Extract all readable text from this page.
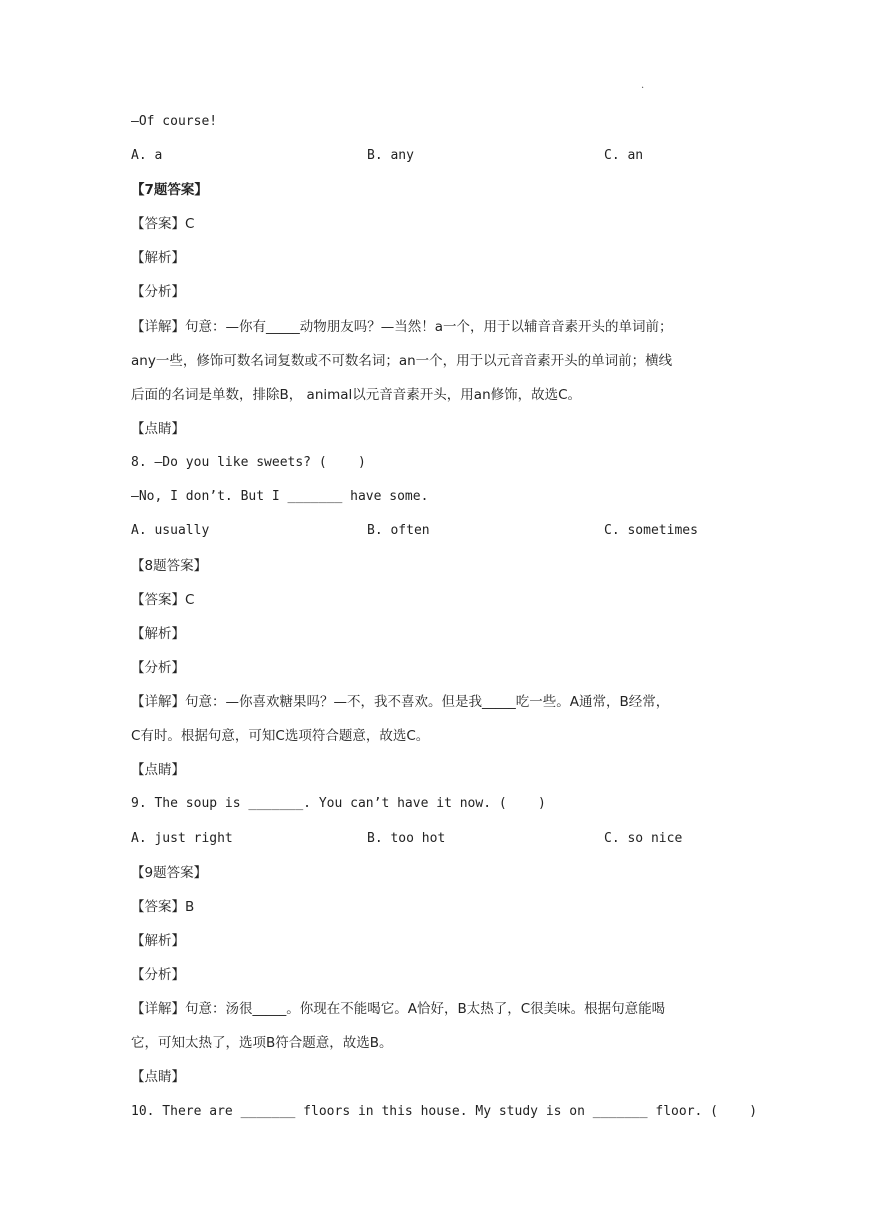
.
—Of course!
A. a	B. any	C. an
【7题答案】
【答案】C
【解析】
【分析】
【详解】句意：—你有_____动物朋友吗？—当然！a一个，用于以辅音音素开头的单词前；
any一些，修饰可数名词复数或不可数名词；an一个，用于以元音音素开头的单词前；横线
后面的名词是单数，排除B， animal以元音音素开头，用an修饰，故选C。
【点睛】
8. —Do you like sweets? (    )
—No, I don’t. But I _______ have some.
A. usually	B. often	C. sometimes
【8题答案】
【答案】C
【解析】
【分析】
【详解】句意：—你喜欢糖果吗？—不，我不喜欢。但是我_____吃一些。A通常，B经常，
C有时。根据句意，可知C选项符合题意，故选C。
【点睛】
9. The soup is _______. You can’t have it now. (    )
A. just right	B. too hot	C. so nice
【9题答案】
【答案】B
【解析】
【分析】
【详解】句意：汤很_____。你现在不能喝它。A恰好，B太热了，C很美味。根据句意能喝
它，可知太热了，选项B符合题意，故选B。
【点睛】
10. There are _______ floors in this house. My study is on _______ floor. (    )
